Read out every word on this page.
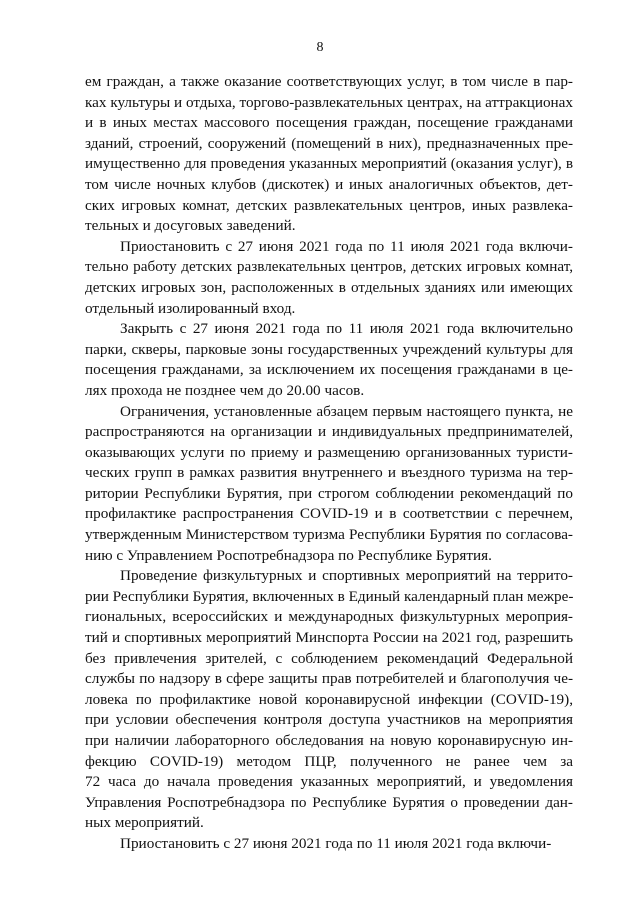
8
ем граждан, а также оказание соответствующих услуг, в том числе в пар-
ках культуры и отдыха, торгово-развлекательных центрах, на аттракционах
и в иных местах массового посещения граждан, посещение гражданами
зданий, строений, сооружений (помещений в них), предназначенных пре-
имущественно для проведения указанных мероприятий (оказания услуг), в
том числе ночных клубов (дискотек) и иных аналогичных объектов, дет-
ских игровых комнат, детских развлекательных центров, иных развлека-
тельных и досуговых заведений.
Приостановить с 27 июня 2021 года по 11 июля 2021 года включи-
тельно работу детских развлекательных центров, детских игровых комнат,
детских игровых зон, расположенных в отдельных зданиях или имеющих
отдельный изолированный вход.
Закрыть с 27 июня 2021 года по 11 июля 2021 года включительно
парки, скверы, парковые зоны государственных учреждений культуры для
посещения гражданами, за исключением их посещения гражданами в це-
лях прохода не позднее чем до 20.00 часов.
Ограничения, установленные абзацем первым настоящего пункта, не
распространяются на организации и индивидуальных предпринимателей,
оказывающих услуги по приему и размещению организованных туристи-
ческих групп в рамках развития внутреннего и въездного туризма на тер-
ритории Республики Бурятия, при строгом соблюдении рекомендаций по
профилактике распространения COVID-19 и в соответствии с перечнем,
утвержденным Министерством туризма Республики Бурятия по согласова-
нию с Управлением Роспотребнадзора по Республике Бурятия.
Проведение физкультурных и спортивных мероприятий на террито-
рии Республики Бурятия, включенных в Единый календарный план межре-
гиональных, всероссийских и международных физкультурных мероприя-
тий и спортивных мероприятий Минспорта России на 2021 год, разрешить
без привлечения зрителей, с соблюдением рекомендаций Федеральной
службы по надзору в сфере защиты прав потребителей и благополучия че-
ловека по профилактике новой коронавирусной инфекции (COVID-19),
при условии обеспечения контроля доступа участников на мероприятия
при наличии лабораторного обследования на новую коронавирусную ин-
фекцию COVID-19) методом ПЦР, полученного не ранее чем за
72 часа до начала проведения указанных мероприятий, и уведомления
Управления Роспотребнадзора по Республике Бурятия о проведении дан-
ных мероприятий.
Приостановить с 27 июня 2021 года по 11 июля 2021 года включи-
